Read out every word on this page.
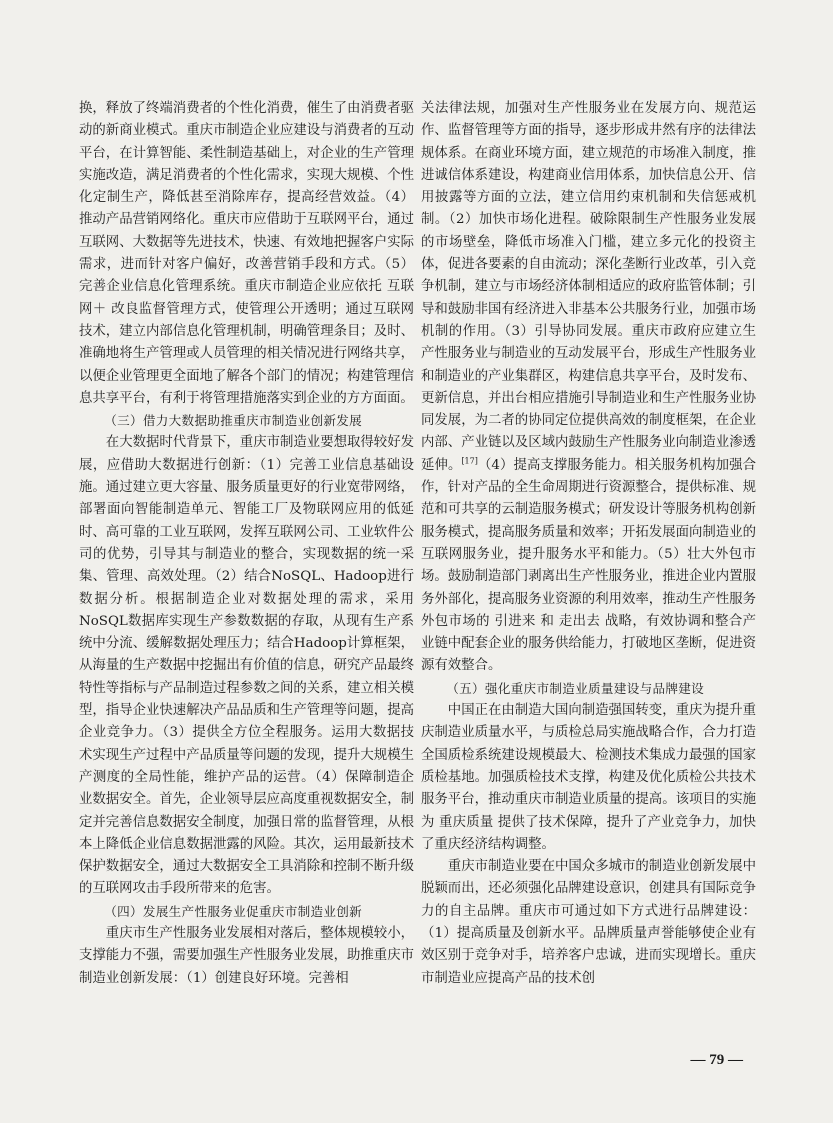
换，释放了终端消费者的个性化消费，催生了由消费者驱动的新商业模式。重庆市制造企业应建设与消费者的互动平台，在计算智能、柔性制造基础上，对企业的生产管理实施改造，满足消费者的个性化需求，实现大规模、个性化定制生产，降低甚至消除库存，提高经营效益。（4）推动产品营销网络化。重庆市应借助于互联网平台，通过互联网、大数据等先进技术，快速、有效地把握客户实际需求，进而针对客户偏好，改善营销手段和方式。（5）完善企业信息化管理系统。重庆市制造企业应依托 互联网＋ 改良监督管理方式，使管理公开透明；通过互联网技术，建立内部信息化管理机制，明确管理条目；及时、准确地将生产管理或人员管理的相关情况进行网络共享，以便企业管理更全面地了解各个部门的情况；构建管理信息共享平台，有利于将管理措施落实到企业的方方面面。

（三）借力大数据助推重庆市制造业创新发展

在大数据时代背景下，重庆市制造业要想取得较好发展，应借助大数据进行创新：（1）完善工业信息基础设施。通过建立更大容量、服务质量更好的行业宽带网络，部署面向智能制造单元、智能工厂及物联网应用的低延时、高可靠的工业互联网，发挥互联网公司、工业软件公司的优势，引导其与制造业的整合，实现数据的统一采集、管理、高效处理。（2）结合NoSQL、Hadoop进行数据分析。根据制造企业对数据处理的需求，采用NoSQL数据库实现生产参数数据的存取，从现有生产系统中分流、缓解数据处理压力；结合Hadoop计算框架，从海量的生产数据中挖掘出有价值的信息，研究产品最终特性等指标与产品制造过程参数之间的关系，建立相关模型，指导企业快速解决产品品质和生产管理等问题，提高企业竞争力。（3）提供全方位全程服务。运用大数据技术实现生产过程中产品质量等问题的发现，提升大规模生产测度的全局性能，维护产品的运营。（4）保障制造企业数据安全。首先，企业领导层应高度重视数据安全，制定并完善信息数据安全制度，加强日常的监督管理，从根本上降低企业信息数据泄露的风险。其次，运用最新技术保护数据安全，通过大数据安全工具消除和控制不断升级的互联网攻击手段所带来的危害。

（四）发展生产性服务业促重庆市制造业创新

重庆市生产性服务业发展相对落后，整体规模较小，支撑能力不强，需要加强生产性服务业发展，助推重庆市制造业创新发展：（1）创建良好环境。完善相

关法律法规，加强对生产性服务业在发展方向、规范运作、监督管理等方面的指导，逐步形成井然有序的法律法规体系。在商业环境方面，建立规范的市场准入制度，推进诚信体系建设，构建商业信用体系，加快信息公开、信用披露等方面的立法，建立信用约束机制和失信惩戒机制。（2）加快市场化进程。破除限制生产性服务业发展的市场壁垒，降低市场准入门槛，建立多元化的投资主体，促进各要素的自由流动；深化垄断行业改革，引入竞争机制，建立与市场经济体制相适应的政府监管体制；引导和鼓励非国有经济进入非基本公共服务行业，加强市场机制的作用。（3）引导协同发展。重庆市政府应建立生产性服务业与制造业的互动发展平台，形成生产性服务业和制造业的产业集群区，构建信息共享平台，及时发布、更新信息，并出台相应措施引导制造业和生产性服务业协同发展，为二者的协同定位提供高效的制度框架，在企业内部、产业链以及区域内鼓励生产性服务业向制造业渗透延伸。[17]（4）提高支撑服务能力。相关服务机构加强合作，针对产品的全生命周期进行资源整合，提供标准、规范和可共享的云制造服务模式；研发设计等服务机构创新服务模式，提高服务质量和效率；开拓发展面向制造业的互联网服务业，提升服务水平和能力。（5）壮大外包市场。鼓励制造部门剥离出生产性服务业，推进企业内置服务外部化，提高服务业资源的利用效率，推动生产性服务外包市场的 引进来 和 走出去 战略，有效协调和整合产业链中配套企业的服务供给能力，打破地区垄断，促进资源有效整合。

（五）强化重庆市制造业质量建设与品牌建设

中国正在由制造大国向制造强国转变，重庆为提升重庆制造业质量水平，与质检总局实施战略合作，合力打造全国质检系统建设规模最大、检测技术集成力最强的国家质检基地。加强质检技术支撑，构建及优化质检公共技术服务平台，推动重庆市制造业质量的提高。该项目的实施为 重庆质量 提供了技术保障，提升了产业竞争力，加快了重庆经济结构调整。

重庆市制造业要在中国众多城市的制造业创新发展中脱颖而出，还必须强化品牌建设意识，创建具有国际竞争力的自主品牌。重庆市可通过如下方式进行品牌建设：（1）提高质量及创新水平。品牌质量声誉能够使企业有效区别于竞争对手，培养客户忠诚，进而实现增长。重庆市制造业应提高产品的技术创

— 79 —
